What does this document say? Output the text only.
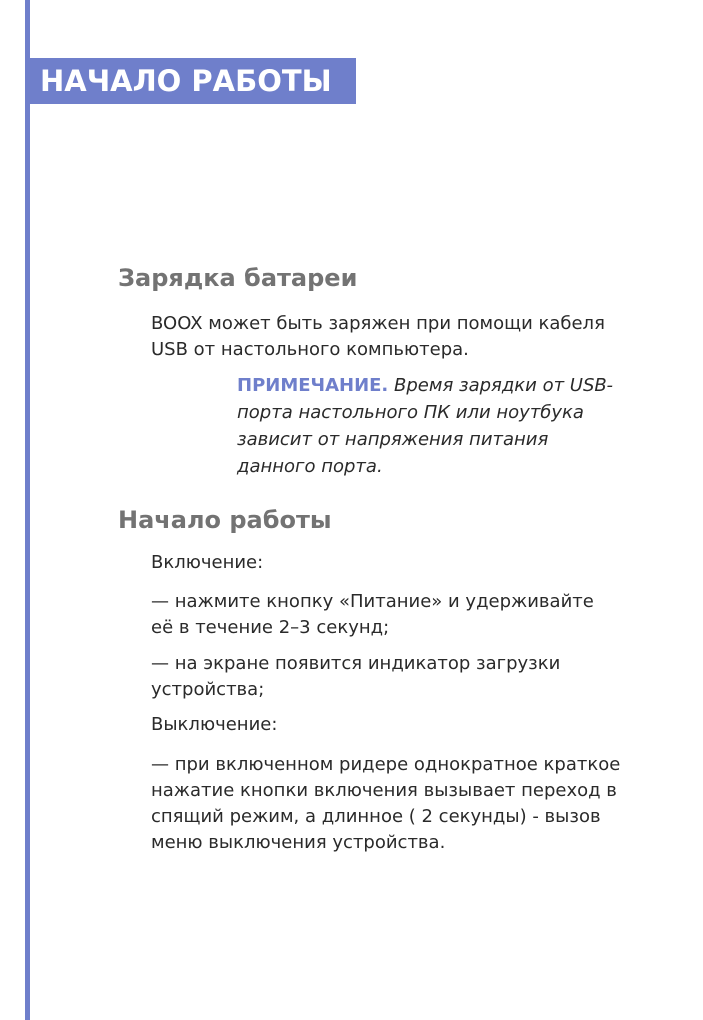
НАЧАЛО РАБОТЫ
Зарядка батареи

BOOX может быть заряжен при помощи кабеля
USB от настольного компьютера.

ПРИМЕЧАНИЕ. Время зарядки от USB-
порта настольного ПК или ноутбука
зависит от напряжения питания
данного порта.

Начало работы

Включение:

— нажмите кнопку «Питание» и удерживайте
её в течение 2–3 секунд;

— на экране появится индикатор загрузки
устройства;

Выключение:

— при включенном ридере однократное краткое
нажатие кнопки включения вызывает переход в
спящий режим, а длинное ( 2 секунды) - вызов
меню выключения устройства.
